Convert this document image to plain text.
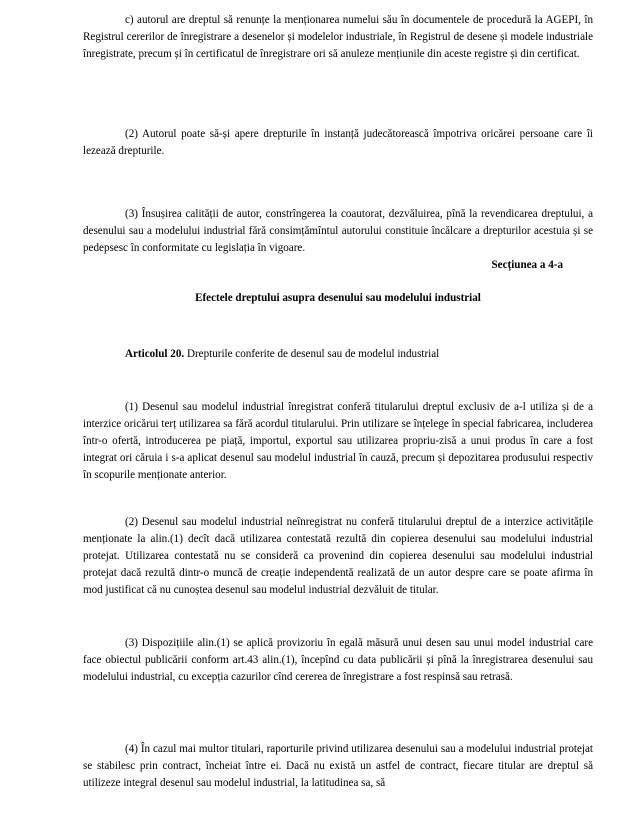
c) autorul are dreptul să renunțe la menționarea numelui său în documentele de procedură la AGEPI, în Registrul cererilor de înregistrare a desenelor și modelelor industriale, în Registrul de desene și modele industriale înregistrate, precum și în certificatul de înregistrare ori să anuleze mențiunile din aceste registre și din certificat.

(2) Autorul poate să-și apere drepturile în instanță judecătorească împotriva oricărei persoane care îi lezează drepturile.

(3) Însușirea calității de autor, constrîngerea la coautorat, dezvăluirea, pînă la revendicarea dreptului, a desenului sau a modelului industrial fără consimțămîntul autorului constituie încălcare a drepturilor acestuia și se pedepsesc în conformitate cu legislația în vigoare.

Secțiunea a 4-a

Efectele dreptului asupra desenului sau modelului industrial

Articolul 20. Drepturile conferite de desenul sau de modelul industrial

(1) Desenul sau modelul industrial înregistrat conferă titularului dreptul exclusiv de a-l utiliza și de a interzice oricărui terț utilizarea sa fără acordul titularului. Prin utilizare se înțelege în special fabricarea, includerea într-o ofertă, introducerea pe piață, importul, exportul sau utilizarea propriu-zisă a unui produs în care a fost integrat ori căruia i s-a aplicat desenul sau modelul industrial în cauză, precum și depozitarea produsului respectiv în scopurile menționate anterior.

(2) Desenul sau modelul industrial neînregistrat nu conferă titularului dreptul de a interzice activitățile menționate la alin.(1) decît dacă utilizarea contestată rezultă din copierea desenului sau modelului industrial protejat. Utilizarea contestată nu se consideră ca provenind din copierea desenului sau modelului industrial protejat dacă rezultă dintr-o muncă de creație independentă realizată de un autor despre care se poate afirma în mod justificat că nu cunoștea desenul sau modelul industrial dezvăluit de titular.

(3) Dispozițiile alin.(1) se aplică provizoriu în egală măsură unui desen sau unui model industrial care face obiectul publicării conform art.43 alin.(1), începînd cu data publicării și pînă la înregistrarea desenului sau modelului industrial, cu excepția cazurilor cînd cererea de înregistrare a fost respinsă sau retrasă.

(4) În cazul mai multor titulari, raporturile privind utilizarea desenului sau a modelului industrial protejat se stabilesc prin contract, încheiat între ei. Dacă nu există un astfel de contract, fiecare titular are dreptul să utilizeze integral desenul sau modelul industrial, la latitudinea sa, să
